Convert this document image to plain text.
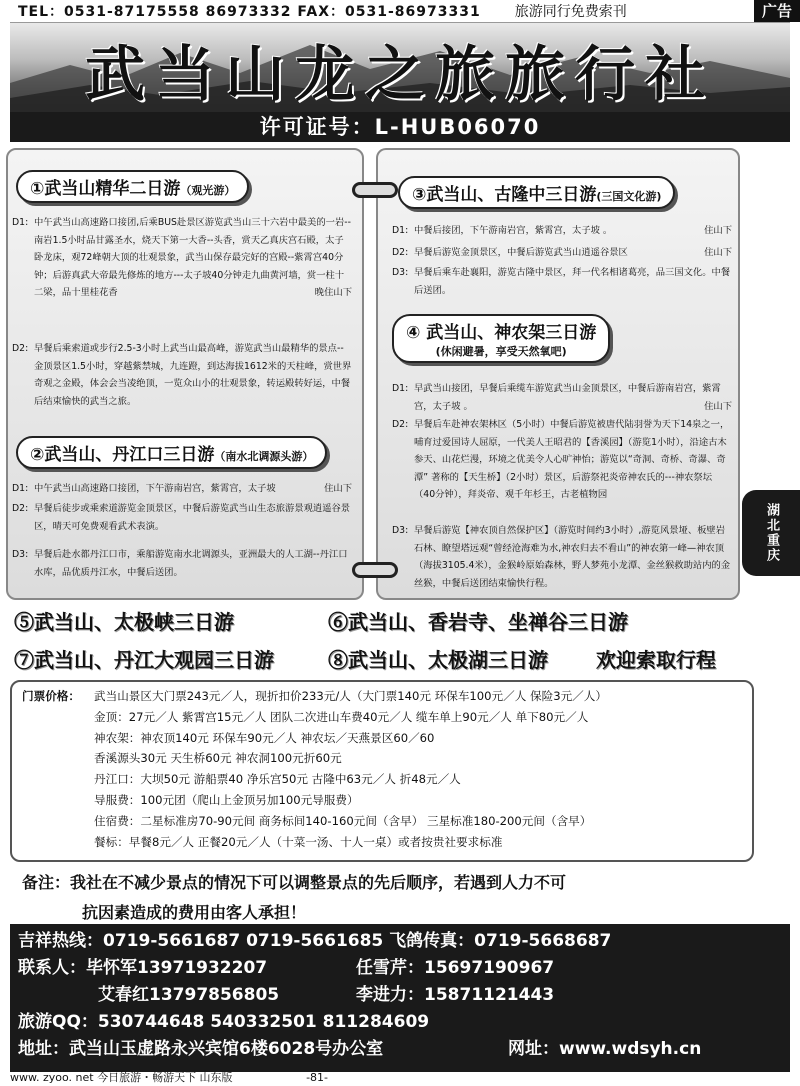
TEL：0531-87175558 86973332 FAX：0531-86973331 旅游同行免费索刊	广告
武当山龙之旅旅行社
许可证号：L-HUB06070
①武当山精华二日游（观光游）
D1: 中午武当山高速路口接团,后乘BUS赴景区游览武当山三十六岩中最美的一岩--南岩1.5小时品甘露圣水，烧天下第一大香--头香，赏天乙真庆宫石殿，太子卧龙床，观72峰朝大顶的壮观景象，武当山保存最完好的宫殿--紫霄宫40分钟；后游真武大帝最先修炼的地方---太子坡40分钟走九曲黄河墙，赏一柱十二梁，品十里桂花香	晚住山下
D2: 早餐后乘索道或步行2.5-3小时上武当山最高峰，游览武当山最精华的景点--金顶景区1.5小时，穿越紫禁城，九连蹬，到达海拔1612米的天柱峰，赏世界奇观之金殿，体会会当凌绝顶，一览众山小的壮观景象，转运殿转好运，中餐后结束愉快的武当之旅。
②武当山、丹江口三日游（南水北调源头游）
D1: 中午武当山高速路口接团，下午游南岩宫，紫霄宫，太子坡	住山下
D2: 早餐后徒步或乘索道游览金顶景区，中餐后游览武当山生态旅游景观逍遥谷景区，晴天可免费观看武术表演。
D3: 早餐后赴水都丹江口市，乘船游览南水北调源头，亚洲最大的人工湖--丹江口水库，品优质丹江水，中餐后送团。
③武当山、古隆中三日游(三国文化游)
D1: 中餐后接团，下午游南岩宫，紫霄宫，太子坡 。	住山下
D2: 早餐后游览金顶景区，中餐后游览武当山逍遥谷景区	住山下
D3: 早餐后乘车赴襄阳，游览古隆中景区，拜一代名相诸葛亮，品三国文化。中餐后送团。
④ 武当山、神农架三日游
(休闲避暑，享受天然氧吧)
D1: 早武当山接团，早餐后乘缆车游览武当山金顶景区，中餐后游南岩宫，紫霄宫，太子坡 。	住山下
D2: 早餐后车赴神农架林区（5小时）中餐后游览被唐代陆羽誉为天下14泉之一，哺育过爱国诗人屈原，一代美人王昭君的【香溪园】（游览1小时），沿途古木参天、山花烂漫，环境之优美令人心旷神怡；游览以“奇洞、奇桥、奇瀑、奇潭” 著称的【天生桥】（2小时）景区，后游祭祀炎帝神农氏的---神农祭坛（40分钟），拜炎帝、观千年杉王，古老植物园
D3: 早餐后游览【神农顶自然保护区】（游览时间约3小时）,游览风景垭、板壁岩石林、瞭望塔远观“曾经沧海难为水,神农归去不看山”的神农第一峰—神农顶（海拔3105.4米），金猴岭原始森林，野人梦苑小龙潭、金丝猴救助站内的金丝猴，中餐后送团结束愉快行程。
湖北重庆
⑤武当山、太极峡三日游	⑥武当山、香岩寺、坐禅谷三日游
⑦武当山、丹江大观园三日游	⑧武当山、太极湖三日游 欢迎索取行程
门票价格： 武当山景区大门票243元／人，现折扣价233元/人（大门票140元 环保车100元／人 保险3元／人）
金顶：27元／人 紫霄宫15元／人 团队二次进山车费40元／人 缆车单上90元／人 单下80元／人
神农架：神农顶140元 环保车90元／人 神农坛／天燕景区60／60
香溪源头30元 天生桥60元 神农洞100元折60元
丹江口：大坝50元 游船票40 净乐宫50元 古隆中63元／人 折48元／人
导服费：100元团（爬山上金顶另加100元导服费）
住宿费：二星标准房70-90元间 商务标间140-160元间（含早） 三星标准180-200元间（含早）
餐标：早餐8元／人 正餐20元／人（十菜一汤、十人一桌）或者按贵社要求标准
备注：我社在不减少景点的情况下可以调整景点的先后顺序，若遇到人力不可
抗因素造成的费用由客人承担！
吉祥热线：0719-5661687 0719-5661685 飞鸽传真：0719-5668687
联系人：毕怀军13971932207	任雪芹：15697190967
艾春红13797856805	李进力：15871121443
旅游QQ：530744648 540332501 811284609
地址：武当山玉虚路永兴宾馆6楼6028号办公室	网址：www.wdsyh.cn
www. zyoo. net 今日旅游・畅游天下 山东版	-81-
